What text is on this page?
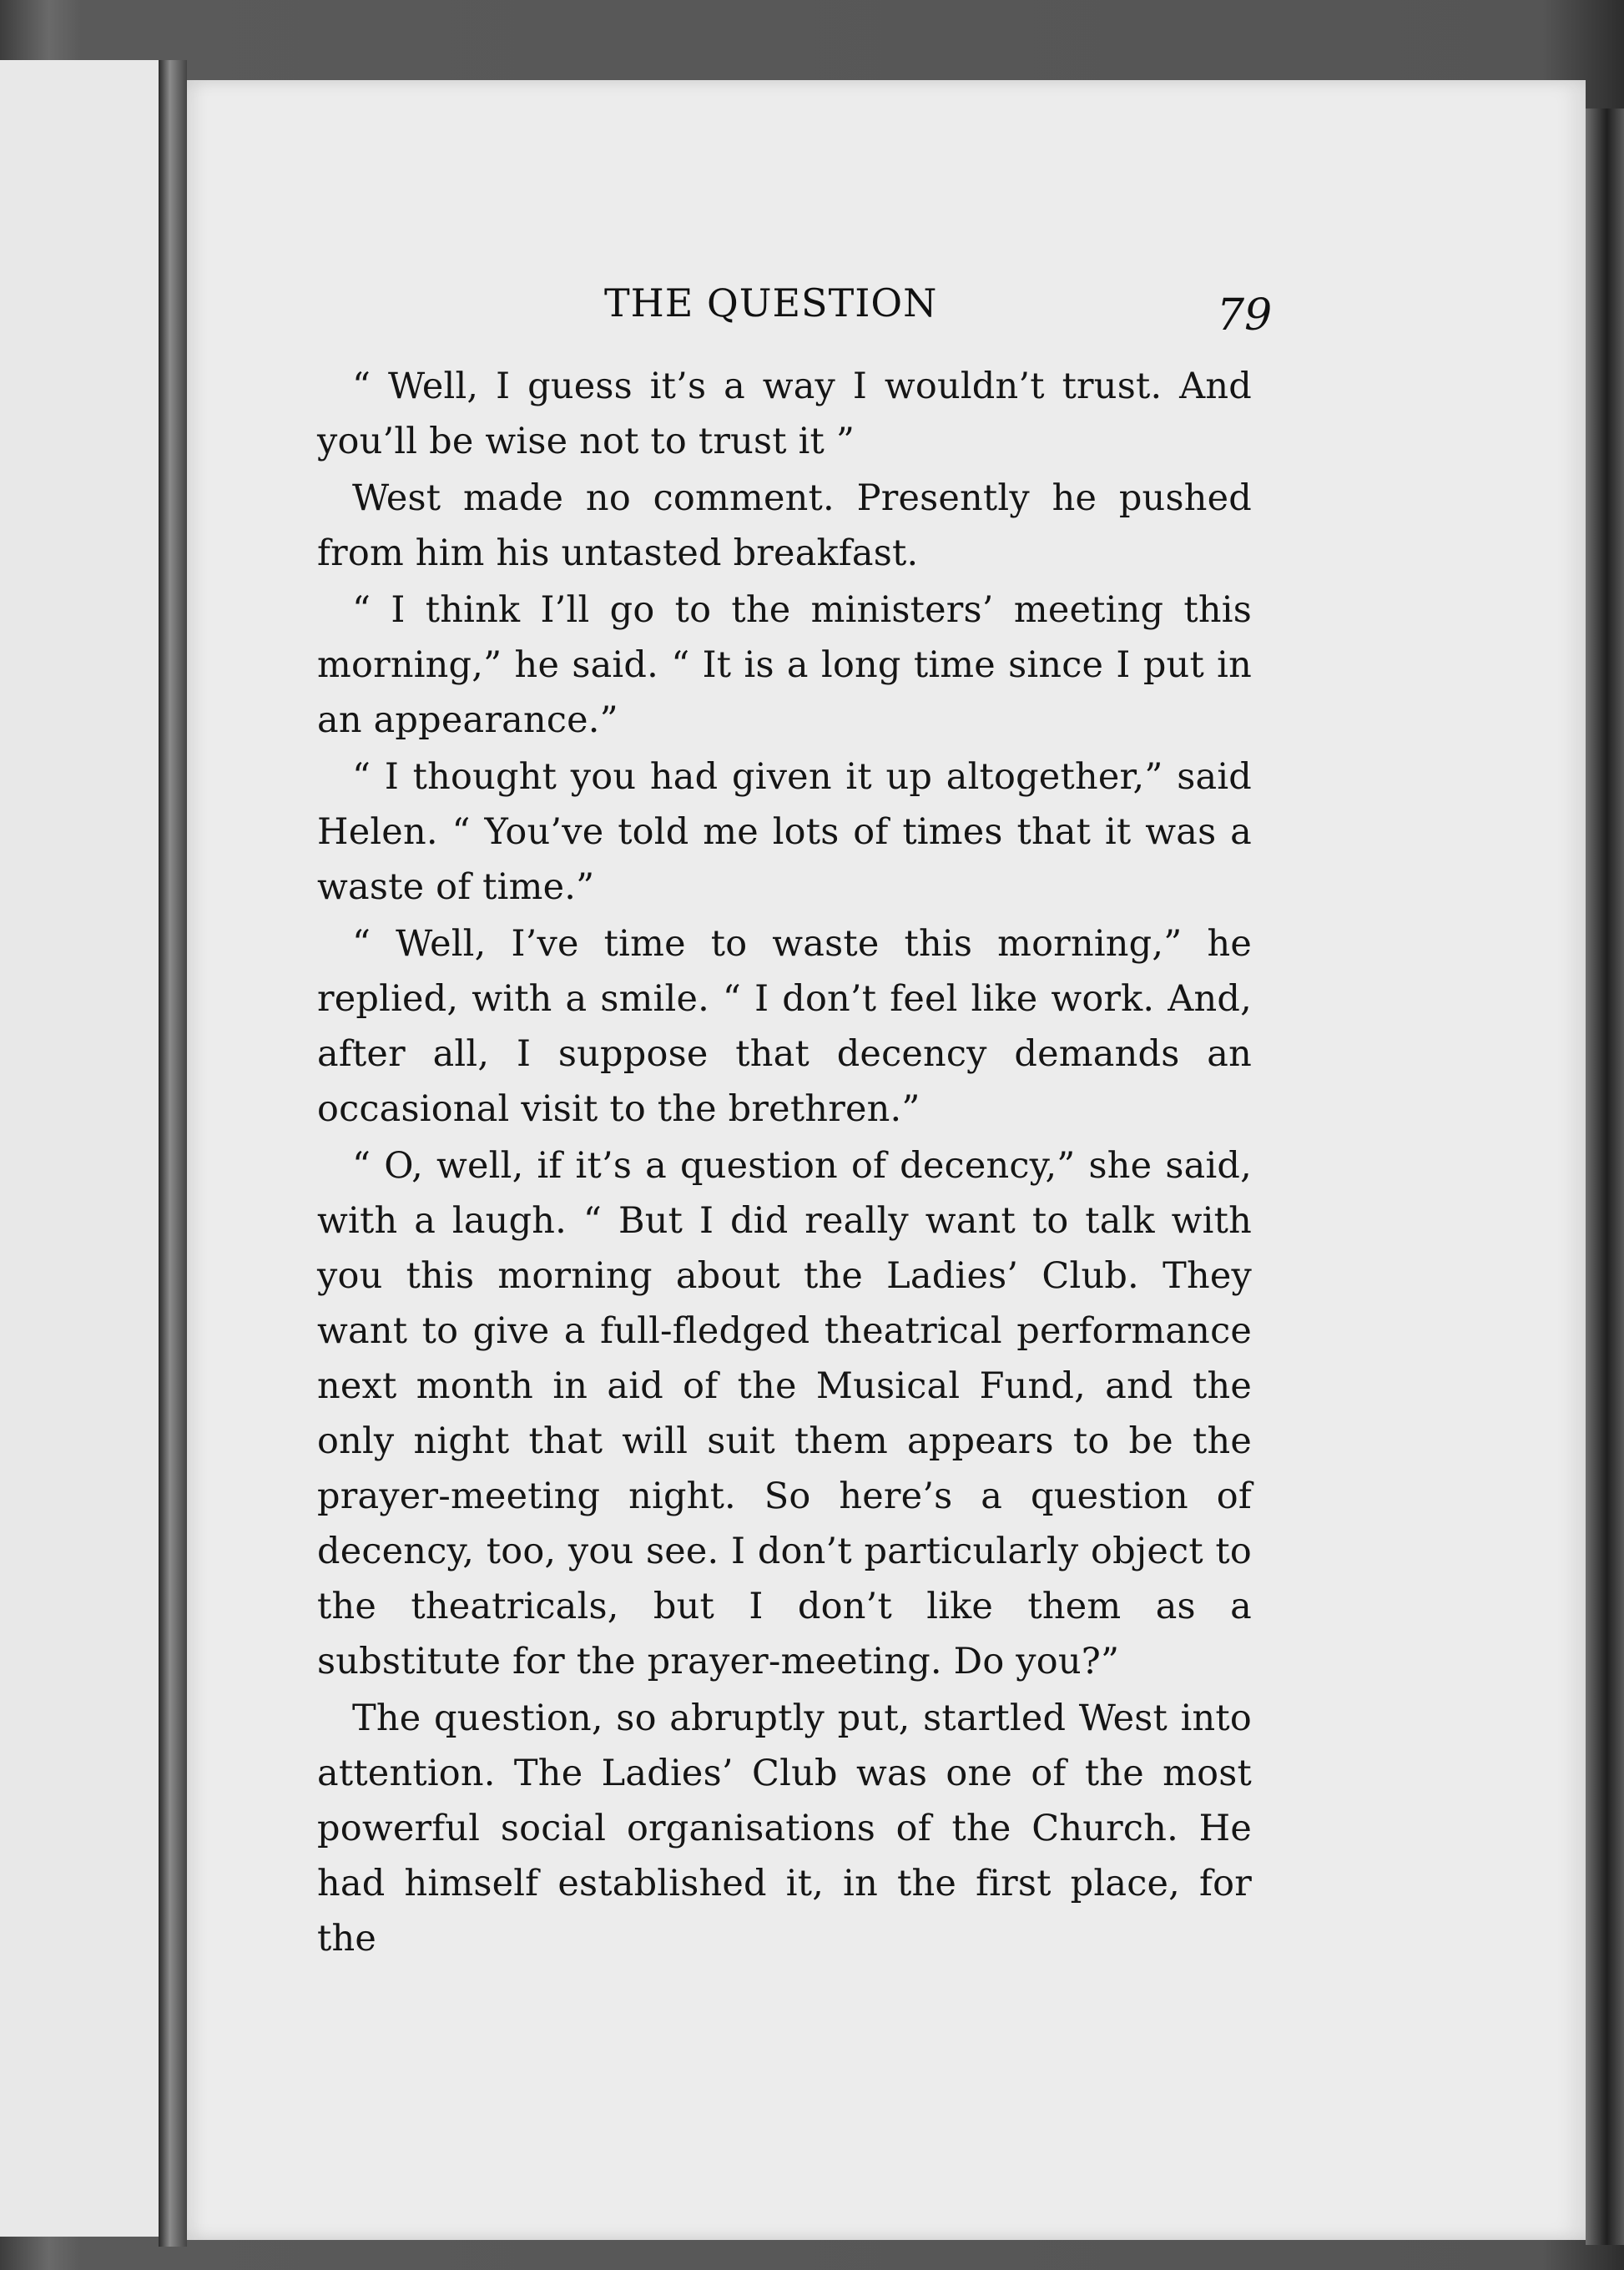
THE QUESTION	79

“ Well, I guess it’s a way I wouldn’t trust. And you’ll be wise not to trust it ”

West made no comment. Presently he pushed from him his untasted breakfast.

“ I think I’ll go to the ministers’ meeting this morning,” he said. “ It is a long time since I put in an appearance.”

“ I thought you had given it up altogether,” said Helen. “ You’ve told me lots of times that it was a waste of time.”

“ Well, I’ve time to waste this morning,” he replied, with a smile. “ I don’t feel like work. And, after all, I suppose that decency demands an occasional visit to the brethren.”

“ O, well, if it’s a question of decency,” she said, with a laugh. “ But I did really want to talk with you this morning about the Ladies’ Club. They want to give a full-fledged theatrical performance next month in aid of the Musical Fund, and the only night that will suit them appears to be the prayer-meeting night. So here’s a question of decency, too, you see. I don’t particularly object to the theatricals, but I don’t like them as a substitute for the prayer-meeting. Do you?”

The question, so abruptly put, startled West into attention. The Ladies’ Club was one of the most powerful social organisations of the Church. He had himself established it, in the first place, for the
